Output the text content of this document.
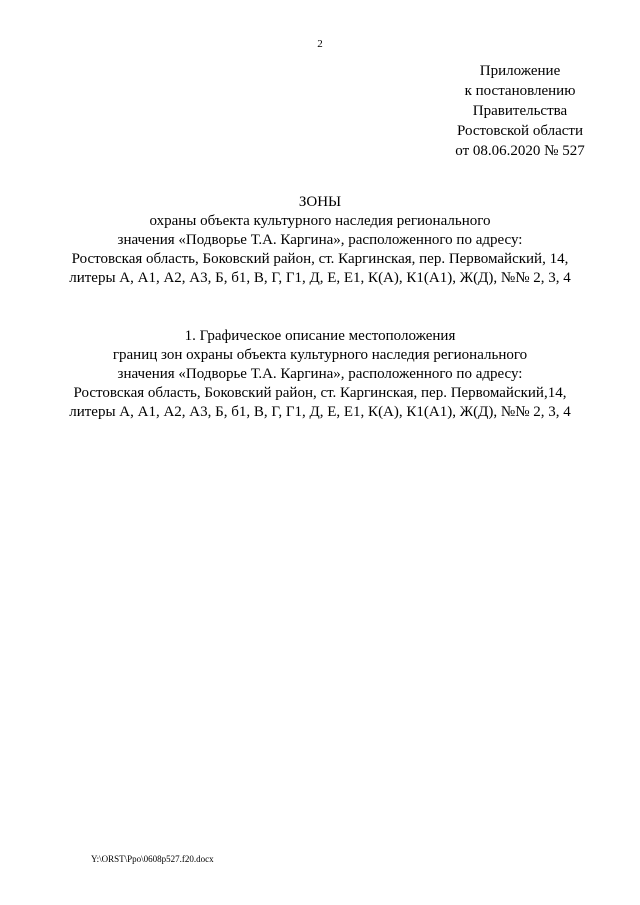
2
Приложение
к постановлению
Правительства
Ростовской области
от 08.06.2020 № 527
ЗОНЫ
охраны объекта культурного наследия регионального
значения «Подворье Т.А. Каргина», расположенного по адресу:
Ростовская область, Боковский район, ст. Каргинская, пер. Первомайский, 14,
литеры А, А1, А2, А3, Б, б1, В, Г, Г1, Д, Е, Е1, К(А), К1(А1), Ж(Д), №№ 2, 3, 4
1. Графическое описание местоположения
границ зон охраны объекта культурного наследия регионального
значения «Подворье Т.А. Каргина», расположенного по адресу:
Ростовская область, Боковский район, ст. Каргинская, пер. Первомайский,14,
литеры А, А1, А2, А3, Б, б1, В, Г, Г1, Д, Е, Е1, К(А), К1(А1), Ж(Д), №№ 2, 3, 4
Y:\ORST\Ppo\0608p527.f20.docx
